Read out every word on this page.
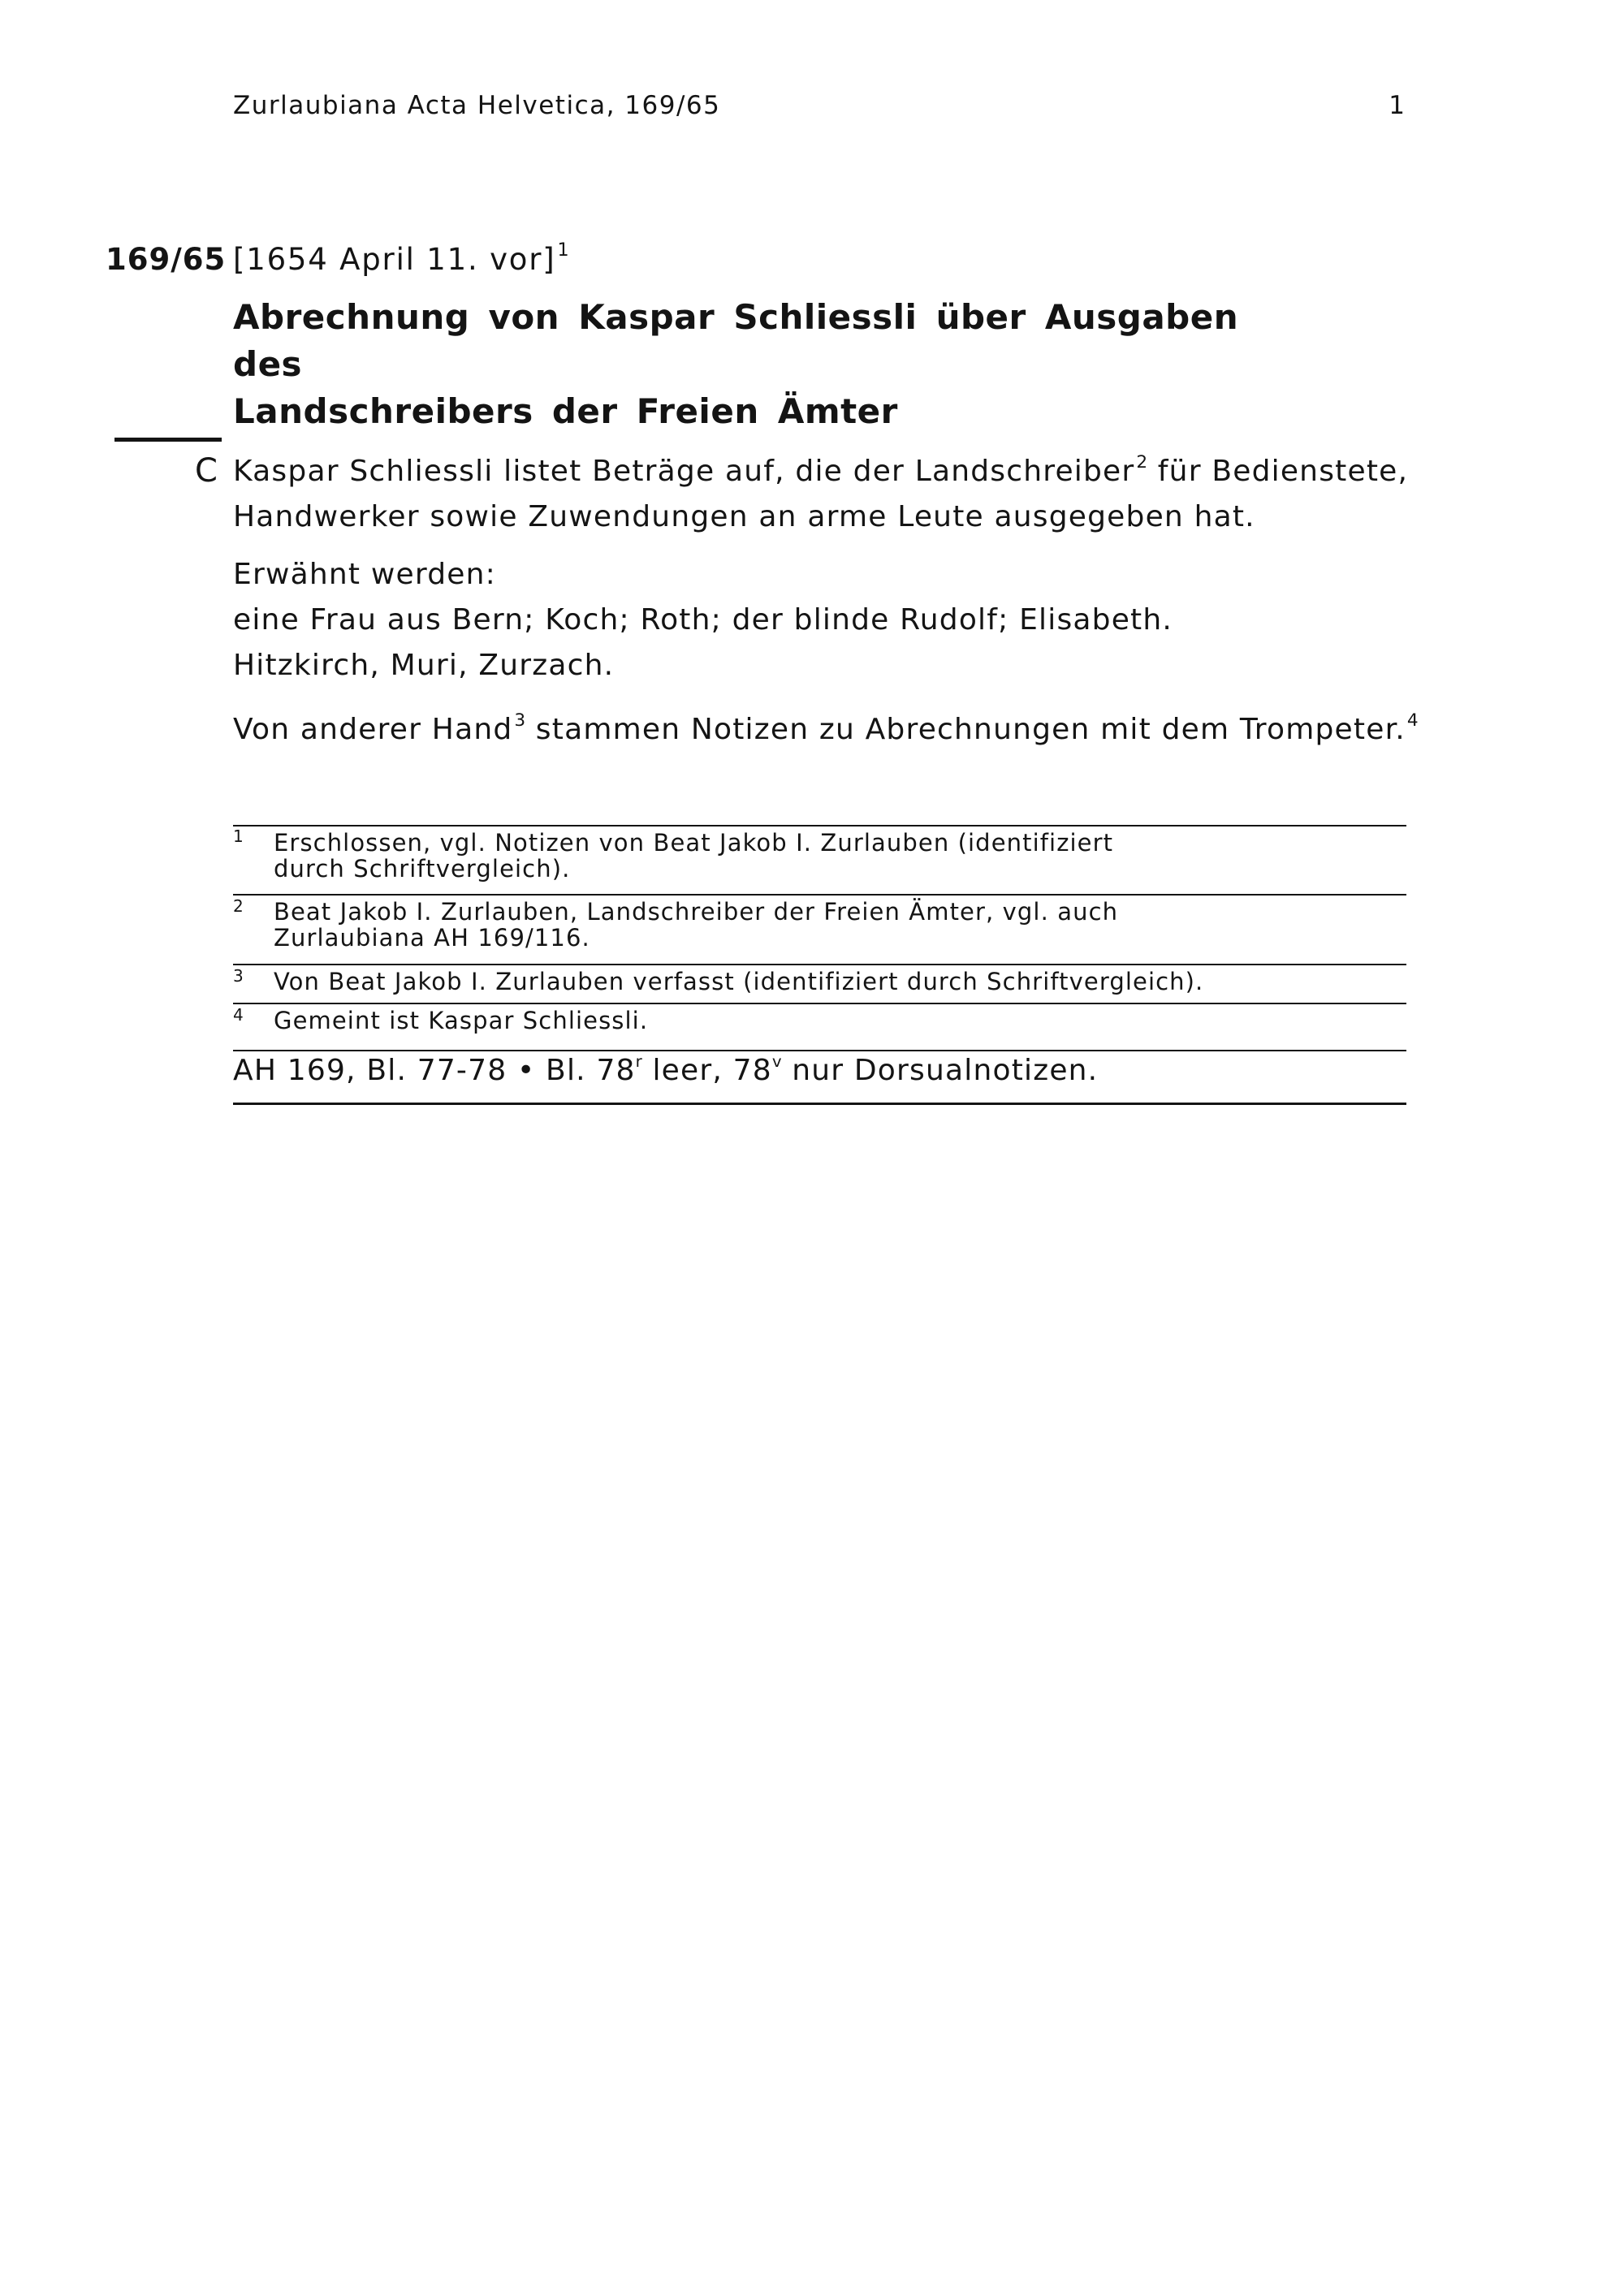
Zurlaubiana Acta Helvetica, 169/65	1
169/65 [1654 April 11. vor]$^1$
Abrechnung von Kaspar Schliessli über Ausgaben des
Landschreibers der Freien Ämter
C Kaspar Schliessli listet Beträge auf, die der Landschreiber$^2$ für Bedienstete,
Handwerker sowie Zuwendungen an arme Leute ausgegeben hat.
Erwähnt werden:
eine Frau aus Bern; Koch; Roth; der blinde Rudolf; Elisabeth.
Hitzkirch, Muri, Zurzach.
Von anderer Hand$^3$ stammen Notizen zu Abrechnungen mit dem Trompeter.$^4$
1 Erschlossen, vgl. Notizen von Beat Jakob I. Zurlauben (identifiziert
durch Schriftvergleich).
2 Beat Jakob I. Zurlauben, Landschreiber der Freien Ämter, vgl. auch
Zurlaubiana AH 169/116.
3 Von Beat Jakob I. Zurlauben verfasst (identifiziert durch Schriftvergleich).
4 Gemeint ist Kaspar Schliessli.
AH 169, Bl. 77-78 • Bl. 78$^r$ leer, 78$^v$ nur Dorsualnotizen.
